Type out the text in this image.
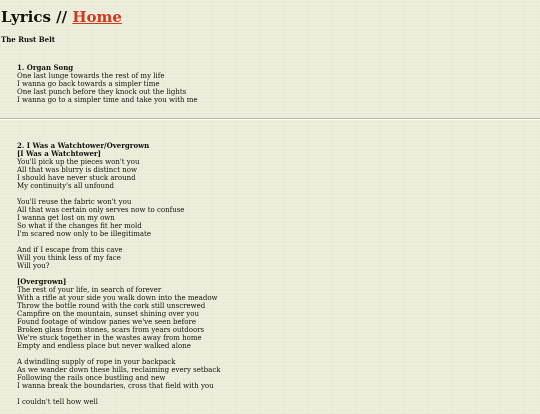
Lyrics // Home
The Rust Belt
1. Organ Song
One last lunge towards the rest of my life
I wanna go back towards a simpler time
One last punch before they knock out the lights
I wanna go to a simpler time and take you with me
2. I Was a Watchtower/Overgrown
[I Was a Watchtower]
You'll pick up the pieces won't you
All that was blurry is distinct now
I should have never stuck around
My continuity's all unfound
You'll reuse the fabric won't you
All that was certain only serves now to confuse
I wanna get lost on my own
So what if the changes fit her mold
I'm scared now only to be illegitimate
And if I escape from this cave
Will you think less of my face
Will you?
[Overgrown]
The rest of your life, in search of forever
With a rifle at your side you walk down into the meadow
Throw the bottle round with the cork still unscrewed
Campfire on the mountain, sunset shining over you
Found footage of window panes we've seen before
Broken glass from stones, scars from years outdoors
We're stuck together in the wastes away from home
Empty and endless place but never walked alone
A dwindling supply of rope in your backpack
As we wander down these hills, reclaiming every setback
Following the rails once bustling and new
I wanna break the boundaries, cross that field with you
I couldn't tell how well
